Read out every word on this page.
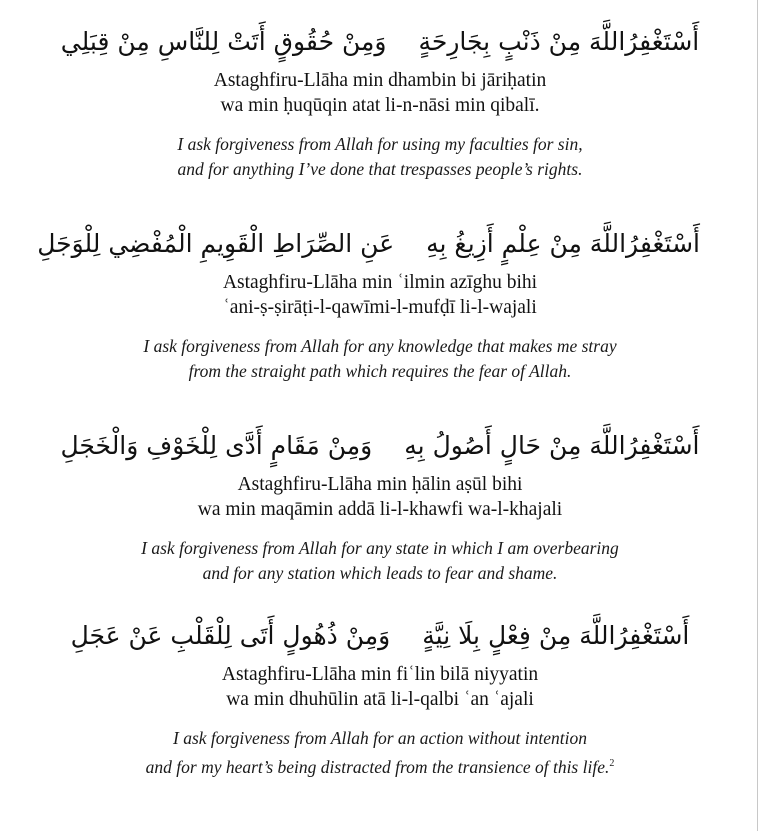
أَسْتَغْفِرُاللَّهَ مِنْ ذَنْبٍ بِجَارِحَةٍوَمِنْ حُقُوقٍ أَتَتْ لِلنَّاسِ مِنْ قِبَلِي
Astaghfiru-Llāha min dhambin bi jāriḥatin
wa min ḥuqūqin atat li-n-nāsi min qibalī.
I ask forgiveness from Allah for using my faculties for sin,
and for anything I’ve done that trespasses people’s rights.
أَسْتَغْفِرُاللَّهَ مِنْ عِلْمٍ أَزِيغُ بِهِعَنِ الصِّرَاطِ الْقَوِيمِ الْمُفْضِي لِلْوَجَلِ
Astaghfiru-Llāha min ʿilmin azīghu bihi
ʿani-ṣ-ṣirāṭi-l-qawīmi-l-mufḍī li-l-wajali
I ask forgiveness from Allah for any knowledge that makes me stray
from the straight path which requires the fear of Allah.
أَسْتَغْفِرُاللَّهَ مِنْ حَالٍ أَصُولُ بِهِوَمِنْ مَقَامٍ أَدَّى لِلْخَوْفِ وَالْخَجَلِ
Astaghfiru-Llāha min ḥālin aṣūl bihi
wa min maqāmin addā li-l-khawfi wa-l-khajali
I ask forgiveness from Allah for any state in which I am overbearing
and for any station which leads to fear and shame.
أَسْتَغْفِرُاللَّهَ مِنْ فِعْلٍ بِلَا نِيَّةٍوَمِنْ ذُهُولٍ أَتَى لِلْقَلْبِ عَنْ عَجَلِ
Astaghfiru-Llāha min fiʿlin bilā niyyatin
wa min dhuhūlin atā li-l-qalbi ʿan ʿajali
I ask forgiveness from Allah for an action without intention
and for my heart’s being distracted from the transience of this life.$^2$
